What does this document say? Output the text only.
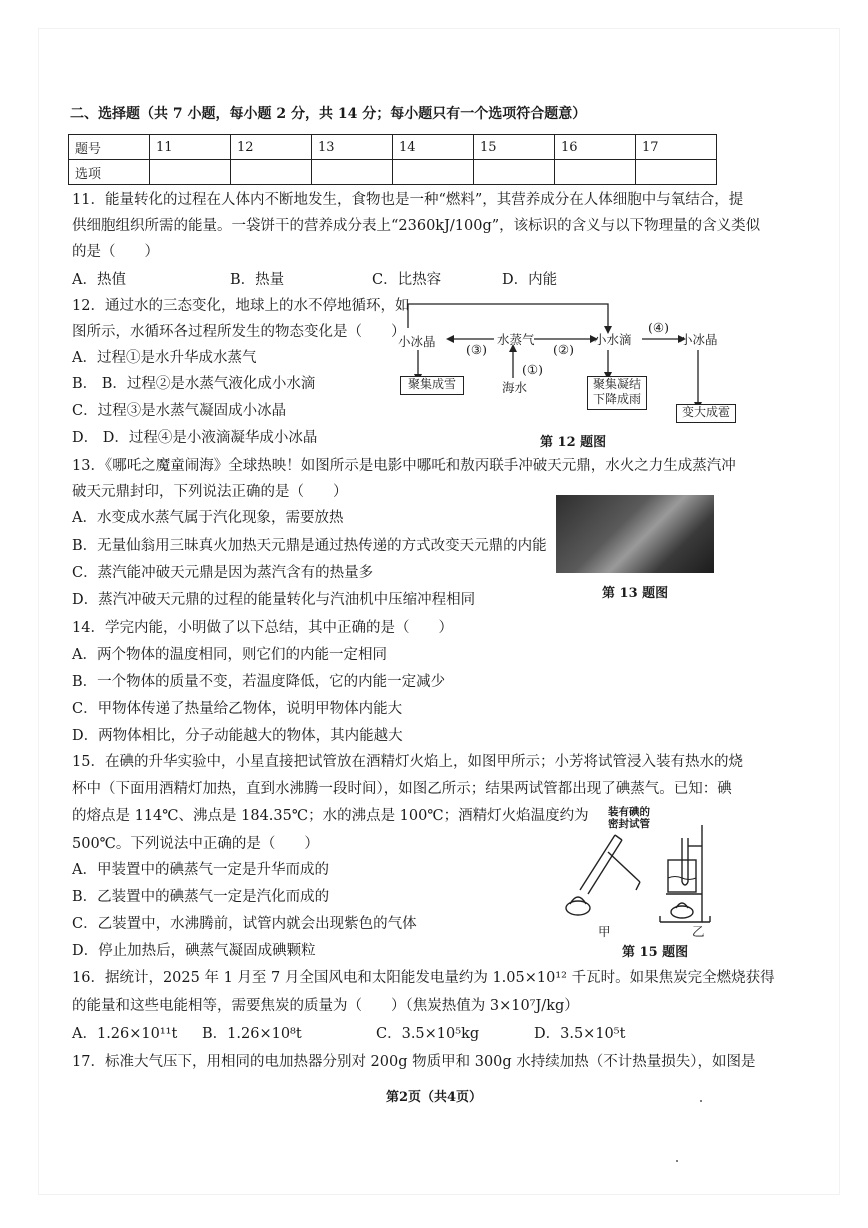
二、选择题（共 7 小题，每小题 2 分，共 14 分；每小题只有一个选项符合题意）
题号	11	12	13	14	15	16	17
选项							
11．能量转化的过程在人体内不断地发生，食物也是一种“燃料”，其营养成分在人体细胞中与氧结合，提
供细胞组织所需的能量。一袋饼干的营养成分表上“2360kJ/100g”，该标识的含义与以下物理量的含义类似
的是（　　）
A．热值	B．热量	C．比热容	D．内能
12．通过水的三态变化，地球上的水不停地循环，如
图所示，水循环各过程所发生的物态变化是（　　）
A．过程①是水升华成水蒸气
B． B．过程②是水蒸气液化成小水滴
C．过程③是水蒸气凝固成小冰晶
D． D．过程④是小液滴凝华成小冰晶
小冰晶	水蒸气	小水滴	小冰晶
(③)	(②)
(④)
(①)
海水
聚集成雪	聚集凝结
下降成雨
变大成雹
第 12 题图
13．《哪吒之魔童闹海》全球热映！如图所示是电影中哪吒和敖丙联手冲破天元鼎，水火之力生成蒸汽冲
破天元鼎封印，下列说法正确的是（　　）
A．水变成水蒸气属于汽化现象，需要放热
B．无量仙翁用三昧真火加热天元鼎是通过热传递的方式改变天元鼎的内能
C．蒸汽能冲破天元鼎是因为蒸汽含有的热量多
D．蒸汽冲破天元鼎的过程的能量转化与汽油机中压缩冲程相同	第 13 题图
14．学完内能，小明做了以下总结，其中正确的是（　　）
A．两个物体的温度相同，则它们的内能一定相同
B．一个物体的质量不变，若温度降低，它的内能一定减少
C．甲物体传递了热量给乙物体，说明甲物体内能大
D．两物体相比，分子动能越大的物体，其内能越大
15．在碘的升华实验中，小星直接把试管放在酒精灯火焰上，如图甲所示；小芳将试管浸入装有热水的烧
杯中（下面用酒精灯加热，直到水沸腾一段时间），如图乙所示；结果两试管都出现了碘蒸气。已知：碘
的熔点是 114℃、沸点是 184.35℃；水的沸点是 100℃；酒精灯火焰温度约为
500℃。下列说法中正确的是（　　）
A．甲装置中的碘蒸气一定是升华而成的
B．乙装置中的碘蒸气一定是汽化而成的
C．乙装置中，水沸腾前，试管内就会出现紫色的气体
D．停止加热后，碘蒸气凝固成碘颗粒
装有碘的
密封试管
甲	乙
第 15 题图
16．据统计，2025 年 1 月至 7 月全国风电和太阳能发电量约为 1.05×10¹² 千瓦时。如果焦炭完全燃烧获得
的能量和这些电能相等，需要焦炭的质量为（　　）（焦炭热值为 3×10⁷J/kg）
A．1.26×10¹¹t B．1.26×10⁸t	C．3.5×10⁵kg	D．3.5×10⁵t
17．标准大气压下，用相同的电加热器分别对 200g 物质甲和 300g 水持续加热（不计热量损失），如图是
第2页（共4页）
